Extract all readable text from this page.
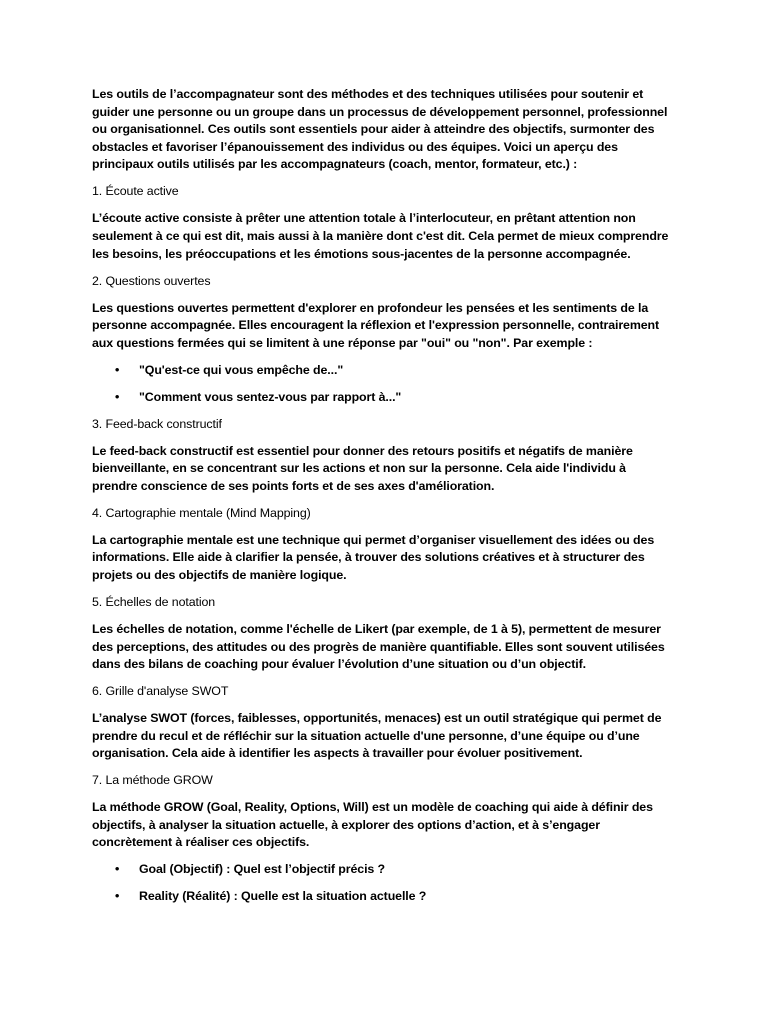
Les outils de l’accompagnateur sont des méthodes et des techniques utilisées pour soutenir et guider une personne ou un groupe dans un processus de développement personnel, professionnel ou organisationnel. Ces outils sont essentiels pour aider à atteindre des objectifs, surmonter des obstacles et favoriser l’épanouissement des individus ou des équipes. Voici un aperçu des principaux outils utilisés par les accompagnateurs (coach, mentor, formateur, etc.) :

1. Écoute active

L’écoute active consiste à prêter une attention totale à l’interlocuteur, en prêtant attention non seulement à ce qui est dit, mais aussi à la manière dont c'est dit. Cela permet de mieux comprendre les besoins, les préoccupations et les émotions sous-jacentes de la personne accompagnée.

2. Questions ouvertes

Les questions ouvertes permettent d'explorer en profondeur les pensées et les sentiments de la personne accompagnée. Elles encouragent la réflexion et l'expression personnelle, contrairement aux questions fermées qui se limitent à une réponse par "oui" ou "non". Par exemple :

• "Qu'est-ce qui vous empêche de..."
• "Comment vous sentez-vous par rapport à..."
3. Feed-back constructif

Le feed-back constructif est essentiel pour donner des retours positifs et négatifs de manière bienveillante, en se concentrant sur les actions et non sur la personne. Cela aide l'individu à prendre conscience de ses points forts et de ses axes d'amélioration.

4. Cartographie mentale (Mind Mapping)

La cartographie mentale est une technique qui permet d’organiser visuellement des idées ou des informations. Elle aide à clarifier la pensée, à trouver des solutions créatives et à structurer des projets ou des objectifs de manière logique.

5. Échelles de notation

Les échelles de notation, comme l'échelle de Likert (par exemple, de 1 à 5), permettent de mesurer des perceptions, des attitudes ou des progrès de manière quantifiable. Elles sont souvent utilisées dans des bilans de coaching pour évaluer l’évolution d’une situation ou d’un objectif.

6. Grille d'analyse SWOT

L’analyse SWOT (forces, faiblesses, opportunités, menaces) est un outil stratégique qui permet de prendre du recul et de réfléchir sur la situation actuelle d'une personne, d’une équipe ou d’une organisation. Cela aide à identifier les aspects à travailler pour évoluer positivement.

7. La méthode GROW

La méthode GROW (Goal, Reality, Options, Will) est un modèle de coaching qui aide à définir des objectifs, à analyser la situation actuelle, à explorer des options d’action, et à s’engager concrètement à réaliser ces objectifs.

• Goal (Objectif) : Quel est l’objectif précis ?
• Reality (Réalité) : Quelle est la situation actuelle ?
